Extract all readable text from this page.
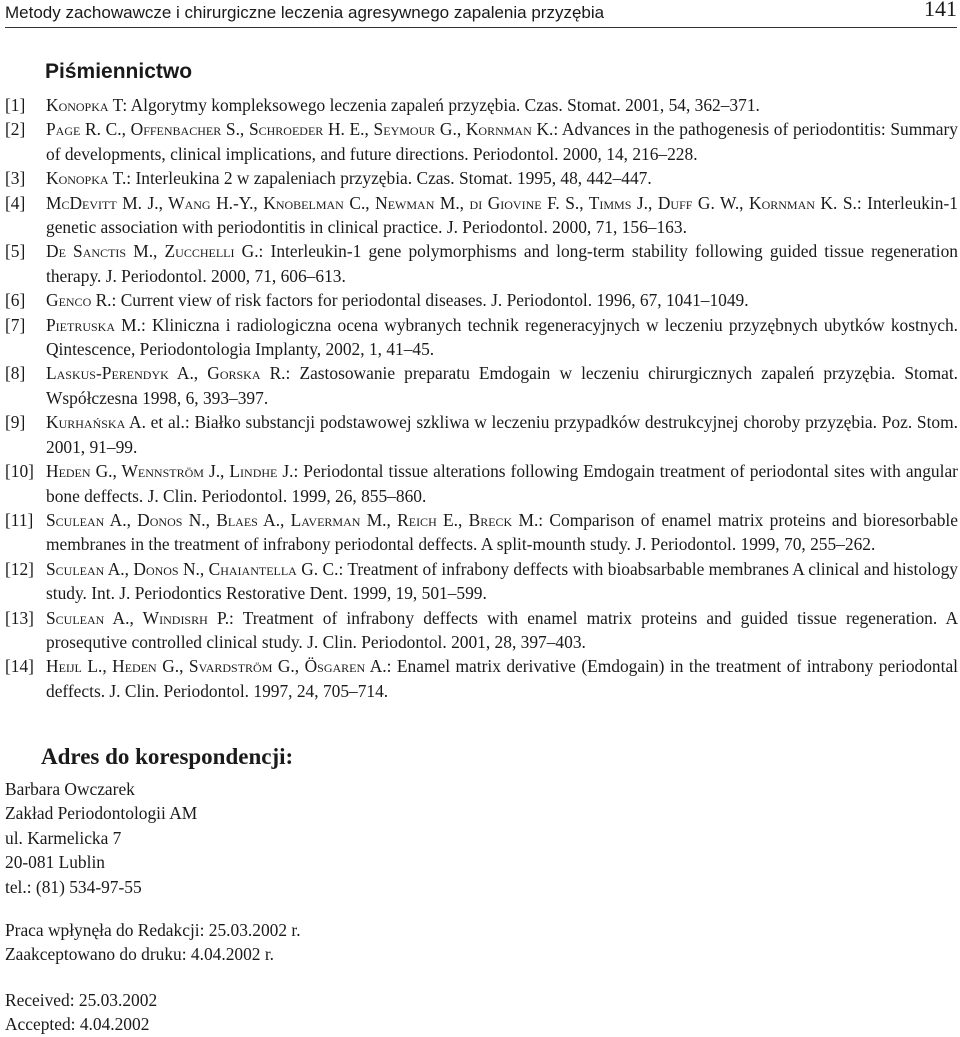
Metody zachowawcze i chirurgiczne leczenia agresywnego zapalenia przyzębia	141
Piśmiennictwo
[1]	Konopka T: Algorytmy kompleksowego leczenia zapaleń przyzębia. Czas. Stomat. 2001, 54, 362–371.
[2]	Page R. C., Offenbacher S., Schroeder H. E., Seymour G., Kornman K.: Advances in the pathogenesis of periodontitis: Summary of developments, clinical implications, and future directions. Periodontol. 2000, 14, 216–228.
[3]	Konopka T.: Interleukina 2 w zapaleniach przyzębia. Czas. Stomat. 1995, 48, 442–447.
[4]	McDevitt M. J., Wang H.-Y., Knobelman C., Newman M., di Giovine F. S., Timms J., Duff G. W., Kornman K. S.: Interleukin-1 genetic association with periodontitis in clinical practice. J. Periodontol. 2000, 71, 156–163.
[5]	De Sanctis M., Zucchelli G.: Interleukin-1 gene polymorphisms and long-term stability following guided tissue regeneration therapy. J. Periodontol. 2000, 71, 606–613.
[6]	Genco R.: Current view of risk factors for periodontal diseases. J. Periodontol. 1996, 67, 1041–1049.
[7]	Pietruska M.: Kliniczna i radiologiczna ocena wybranych technik regeneracyjnych w leczeniu przyzębnych ubytków kostnych. Qintescence, Periodontologia Implanty, 2002, 1, 41–45.
[8]	Laskus-Perendyk A., Gorska R.: Zastosowanie preparatu Emdogain w leczeniu chirurgicznych zapaleń przyzębia. Stomat. Współczesna 1998, 6, 393–397.
[9]	Kurhańska A. et al.: Białko substancji podstawowej szkliwa w leczeniu przypadków destrukcyjnej choroby przyzębia. Poz. Stom. 2001, 91–99.
[10] Heden G., Wennström J., Lindhe J.: Periodontal tissue alterations following Emdogain treatment of periodontal sites with angular bone deffects. J. Clin. Periodontol. 1999, 26, 855–860.
[11] Sculean A., Donos N., Blaes A., Laverman M., Reich E., Breck M.: Comparison of enamel matrix proteins and bioresorbable membranes in the treatment of infrabony periodontal deffects. A split-mounth study. J. Periodontol. 1999, 70, 255–262.
[12] Sculean A., Donos N., Chaiantella G. C.: Treatment of infrabony deffects with bioabsarbable membranes A clinical and histology study. Int. J. Periodontics Restorative Dent. 1999, 19, 501–599.
[13] Sculean A., Windisrh P.: Treatment of infrabony deffects with enamel matrix proteins and guided tissue regeneration. A prosequtive controlled clinical study. J. Clin. Periodontol. 2001, 28, 397–403.
[14] Heijl L., Heden G., Svardström G., Ösgaren A.: Enamel matrix derivative (Emdogain) in the treatment of intrabony periodontal deffects. J. Clin. Periodontol. 1997, 24, 705–714.
Adres do korespondencji:
Barbara Owczarek
Zakład Periodontologii AM
ul. Karmelicka 7
20-081 Lublin
tel.: (81) 534-97-55
Praca wpłynęła do Redakcji: 25.03.2002 r.
Zaakceptowano do druku: 4.04.2002 r.
Received: 25.03.2002
Accepted: 4.04.2002
